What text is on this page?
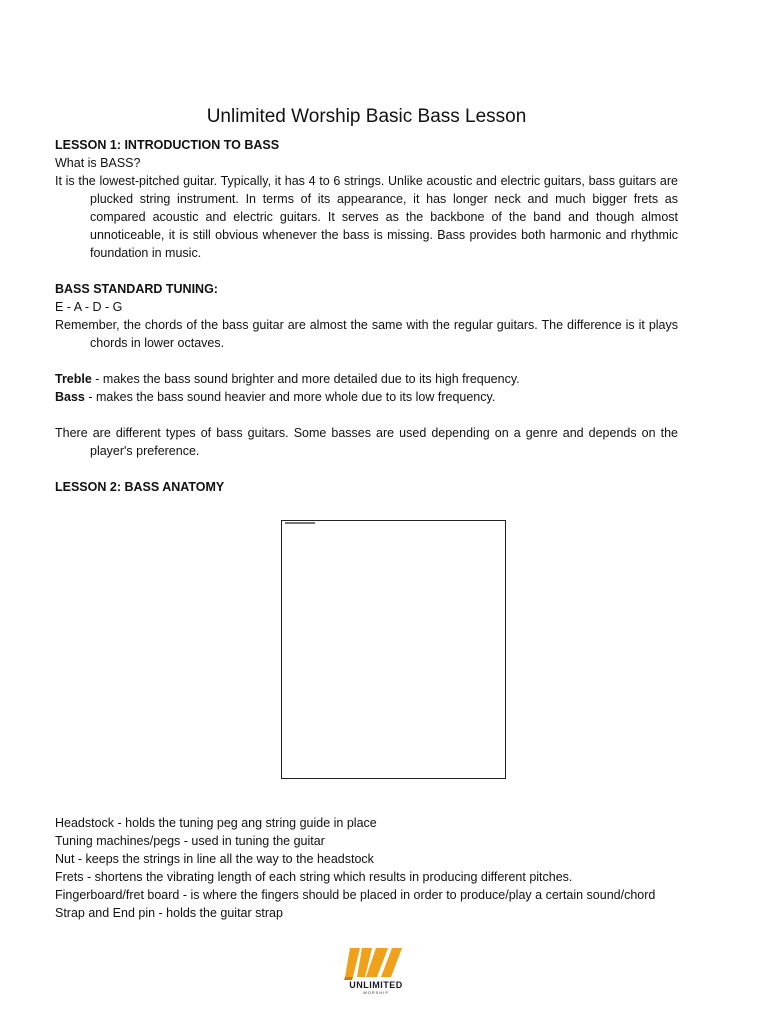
Unlimited Worship Basic Bass Lesson

LESSON 1: INTRODUCTION TO BASS

What is BASS?

It is the lowest-pitched guitar. Typically, it has 4 to 6 strings. Unlike acoustic and electric guitars, bass guitars are plucked string instrument. In terms of its appearance, it has longer neck and much bigger frets as compared acoustic and electric guitars. It serves as the backbone of the band and though almost unnoticeable, it is still obvious whenever the bass is missing. Bass provides both harmonic and rhythmic foundation in music.

BASS STANDARD TUNING:

E - A - D - G

Remember, the chords of the bass guitar are almost the same with the regular guitars. The difference is it plays chords in lower octaves.

Treble - makes the bass sound brighter and more detailed due to its high frequency.

Bass - makes the bass sound heavier and more whole due to its low frequency.

There are different types of bass guitars. Some basses are used depending on a genre and depends on the player's preference.

LESSON 2: BASS ANATOMY

Headstock - holds the tuning peg ang string guide in place

Tuning machines/pegs - used in tuning the guitar

Nut - keeps the strings in line all the way to the headstock

Frets - shortens the vibrating length of each string which results in producing different pitches.

Fingerboard/fret board - is where the fingers should be placed in order to produce/play a certain sound/chord

Strap and End pin - holds the guitar strap

UNLIMITED
WORSHIP
